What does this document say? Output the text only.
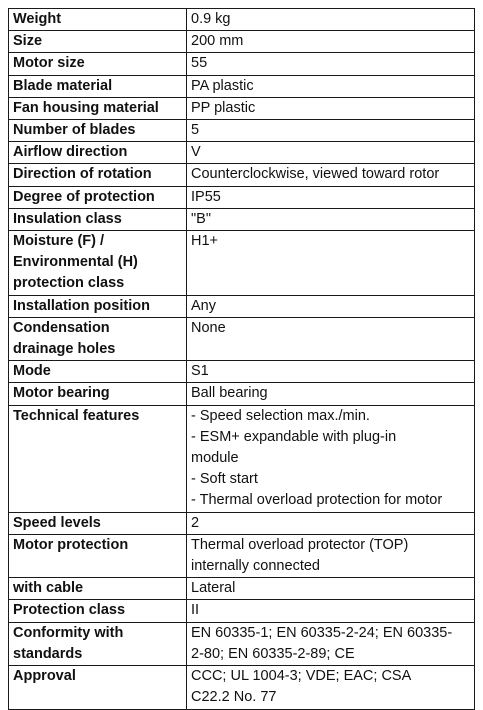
Weight	0.9 kg
Size	200 mm
Motor size	55
Blade material	PA plastic
Fan housing material	PP plastic
Number of blades	5
Airflow direction	V
Direction of rotation	Counterclockwise, viewed toward rotor
Degree of protection	IP55
Insulation class	"B"
Moisture (F) /
Environmental (H)
protection class	H1+
Installation position	Any
Condensation
drainage holes	None
Mode	S1
Motor bearing	Ball bearing
Technical features	- Speed selection max./min.
- ESM+ expandable with plug-in
module
- Soft start
- Thermal overload protection for motor
Speed levels	2
Motor protection	Thermal overload protector (TOP)
internally connected
with cable	Lateral
Protection class	II
Conformity with
standards	EN 60335-1; EN 60335-2-24; EN 60335-
2-80; EN 60335-2-89; CE
Approval	CCC; UL 1004-3; VDE; EAC; CSA
C22.2 No. 77
